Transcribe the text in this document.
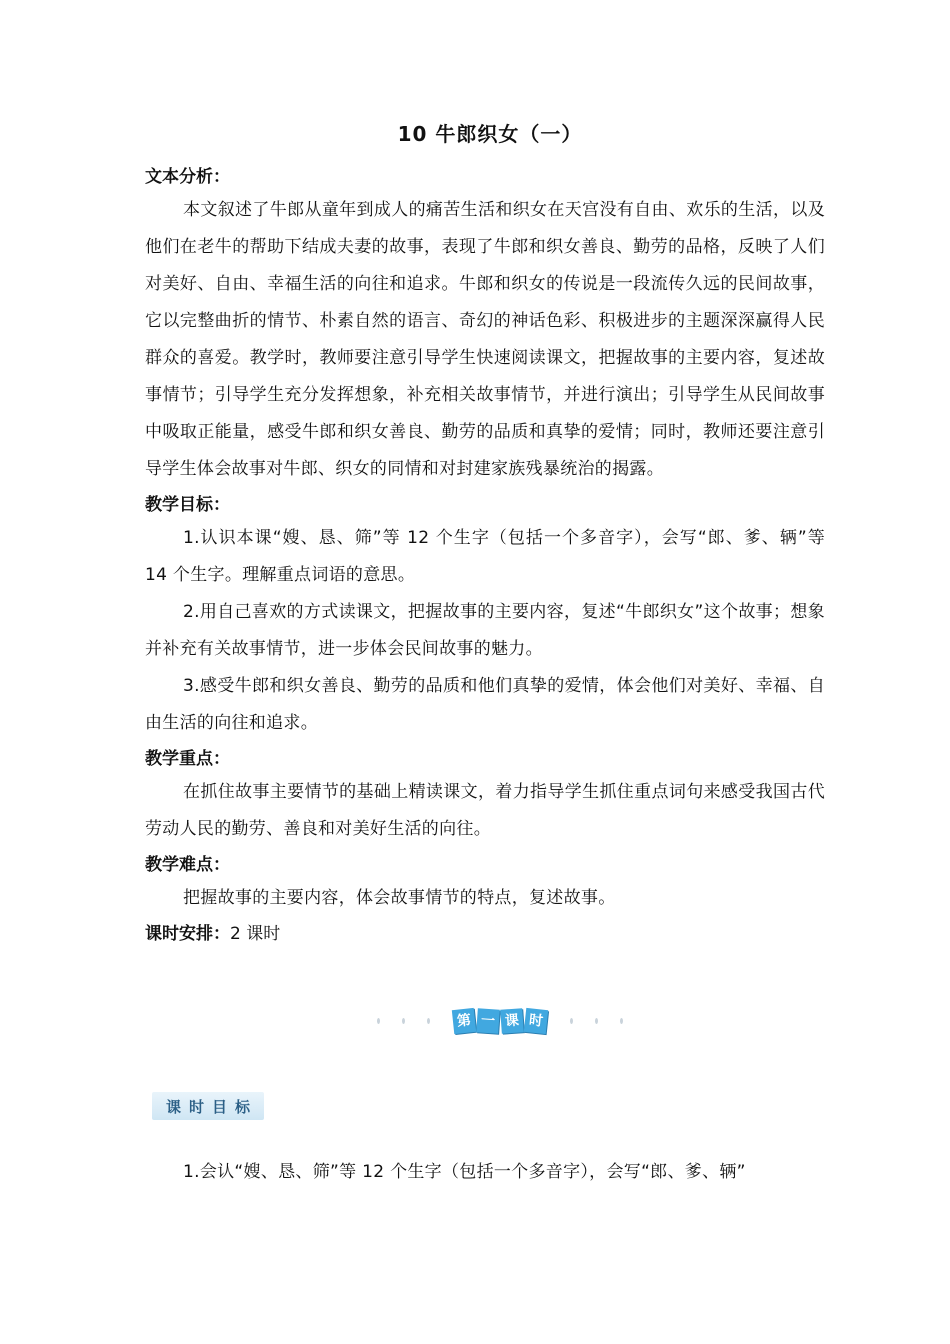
10 牛郎织女（一）
文本分析：
本文叙述了牛郎从童年到成人的痛苦生活和织女在天宫没有自由、欢乐的生活，以及他们在老牛的帮助下结成夫妻的故事，表现了牛郎和织女善良、勤劳的品格，反映了人们对美好、自由、幸福生活的向往和追求。牛郎和织女的传说是一段流传久远的民间故事，它以完整曲折的情节、朴素自然的语言、奇幻的神话色彩、积极进步的主题深深赢得人民群众的喜爱。教学时，教师要注意引导学生快速阅读课文，把握故事的主要内容，复述故事情节；引导学生充分发挥想象，补充相关故事情节，并进行演出；引导学生从民间故事中吸取正能量，感受牛郎和织女善良、勤劳的品质和真挚的爱情；同时，教师还要注意引导学生体会故事对牛郎、织女的同情和对封建家族残暴统治的揭露。
教学目标：
1.认识本课“嫂、恳、筛”等 12 个生字（包括一个多音字），会写“郎、爹、辆”等 14 个生字。理解重点词语的意思。
2.用自己喜欢的方式读课文，把握故事的主要内容，复述“牛郎织女”这个故事；想象并补充有关故事情节，进一步体会民间故事的魅力。
3.感受牛郎和织女善良、勤劳的品质和他们真挚的爱情，体会他们对美好、幸福、自由生活的向往和追求。
教学重点：
在抓住故事主要情节的基础上精读课文，着力指导学生抓住重点词句来感受我国古代劳动人民的勤劳、善良和对美好生活的向往。
教学难点：
把握故事的主要内容，体会故事情节的特点，复述故事。
课时安排：2 课时
第 一 课 时
课 时 目 标
1.会认“嫂、恳、筛”等 12 个生字（包括一个多音字），会写“郎、爹、辆”
